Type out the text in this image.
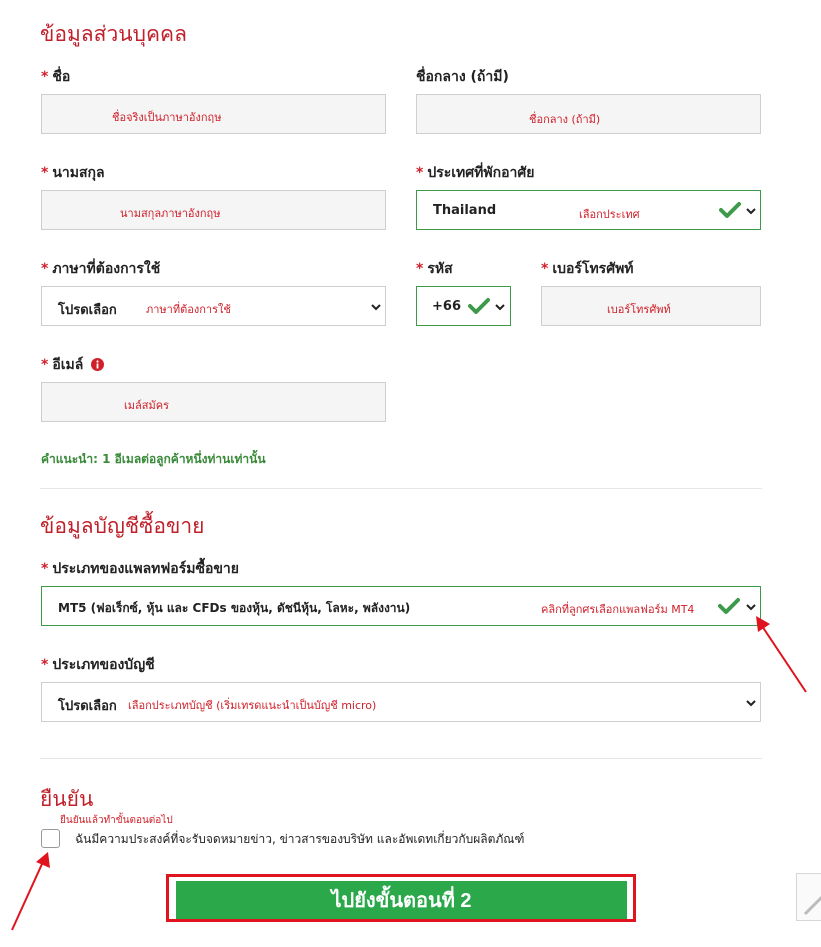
ข้อมูลส่วนบุคคล
* ชื่อ
ชื่อจริงเป็นภาษาอังกฤษ
ชื่อกลาง (ถ้ามี)
ชื่อกลาง (ถ้ามี)
* นามสกุล
นามสกุลภาษาอังกฤษ
* ประเทศที่พักอาศัย
Thailand	เลือกประเทศ
* ภาษาที่ต้องการใช้
โปรดเลือก	ภาษาที่ต้องการใช้
* รหัส
+66
* เบอร์โทรศัพท์
เบอร์โทรศัพท์
* อีเมล์
เมล์สมัคร
คำแนะนำ: 1 อีเมลต่อลูกค้าหนึ่งท่านเท่านั้น
ข้อมูลบัญชีซื้อขาย
* ประเภทของแพลทฟอร์มซื้อขาย
MT5 (ฟอเร็กซ์, หุ้น และ CFDs ของหุ้น, ดัชนีหุ้น, โลหะ, พลังงาน)	คลิกที่ลูกศรเลือกแพลฟอร์ม MT4
* ประเภทของบัญชี
โปรดเลือก เลือกประเภทบัญชี (เริ่มเทรดแนะนำเป็นบัญชี micro)
ยืนยัน
ยืนยันแล้วทำขั้นตอนต่อไป
ฉันมีความประสงค์ที่จะรับจดหมายข่าว, ข่าวสารของบริษัท และอัพเดทเกี่ยวกับผลิตภัณฑ์
ไปยังขั้นตอนที่ 2
